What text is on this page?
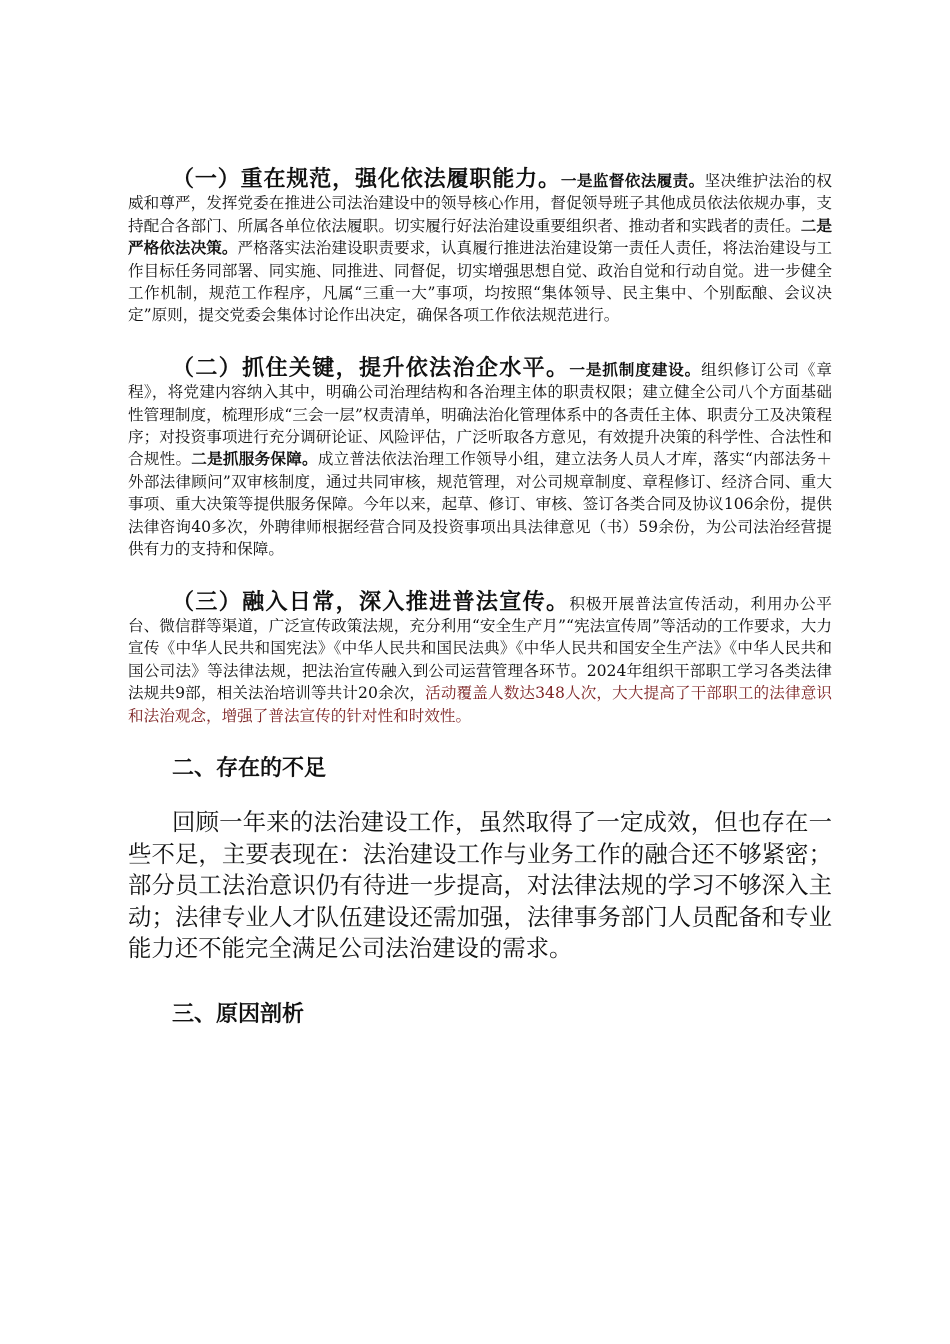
（一）重在规范，强化依法履职能力。一是监督依法履责。坚决维护法治的权威和尊严，发挥党委在推进公司法治建设中的领导核心作用，督促领导班子其他成员依法依规办事，支持配合各部门、所属各单位依法履职。切实履行好法治建设重要组织者、推动者和实践者的责任。二是严格依法决策。严格落实法治建设职责要求，认真履行推进法治建设第一责任人责任，将法治建设与工作目标任务同部署、同实施、同推进、同督促，切实增强思想自觉、政治自觉和行动自觉。进一步健全工作机制，规范工作程序，凡属“三重一大”事项，均按照“集体领导、民主集中、个别酝酿、会议决定”原则，提交党委会集体讨论作出决定，确保各项工作依法规范进行。

（二）抓住关键，提升依法治企水平。一是抓制度建设。组织修订公司《章程》，将党建内容纳入其中，明确公司治理结构和各治理主体的职责权限；建立健全公司八个方面基础性管理制度，梳理形成“三会一层”权责清单，明确法治化管理体系中的各责任主体、职责分工及决策程序；对投资事项进行充分调研论证、风险评估，广泛听取各方意见，有效提升决策的科学性、合法性和合规性。二是抓服务保障。成立普法依法治理工作领导小组，建立法务人员人才库，落实“内部法务＋外部法律顾问”双审核制度，通过共同审核，规范管理，对公司规章制度、章程修订、经济合同、重大事项、重大决策等提供服务保障。今年以来，起草、修订、审核、签订各类合同及协议106余份，提供法律咨询40多次，外聘律师根据经营合同及投资事项出具法律意见（书）59余份，为公司法治经营提供有力的支持和保障。

（三）融入日常，深入推进普法宣传。积极开展普法宣传活动，利用办公平台、微信群等渠道，广泛宣传政策法规，充分利用“安全生产月”“宪法宣传周”等活动的工作要求，大力宣传《中华人民共和国宪法》《中华人民共和国民法典》《中华人民共和国安全生产法》《中华人民共和国公司法》等法律法规，把法治宣传融入到公司运营管理各环节。2024年组织干部职工学习各类法律法规共9部，相关法治培训等共计20余次，活动覆盖人数达348人次，大大提高了干部职工的法律意识和法治观念，增强了普法宣传的针对性和时效性。

二、存在的不足

回顾一年来的法治建设工作，虽然取得了一定成效，但也存在一些不足，主要表现在：法治建设工作与业务工作的融合还不够紧密；部分员工法治意识仍有待进一步提高，对法律法规的学习不够深入主动；法律专业人才队伍建设还需加强，法律事务部门人员配备和专业能力还不能完全满足公司法治建设的需求。

三、原因剖析
